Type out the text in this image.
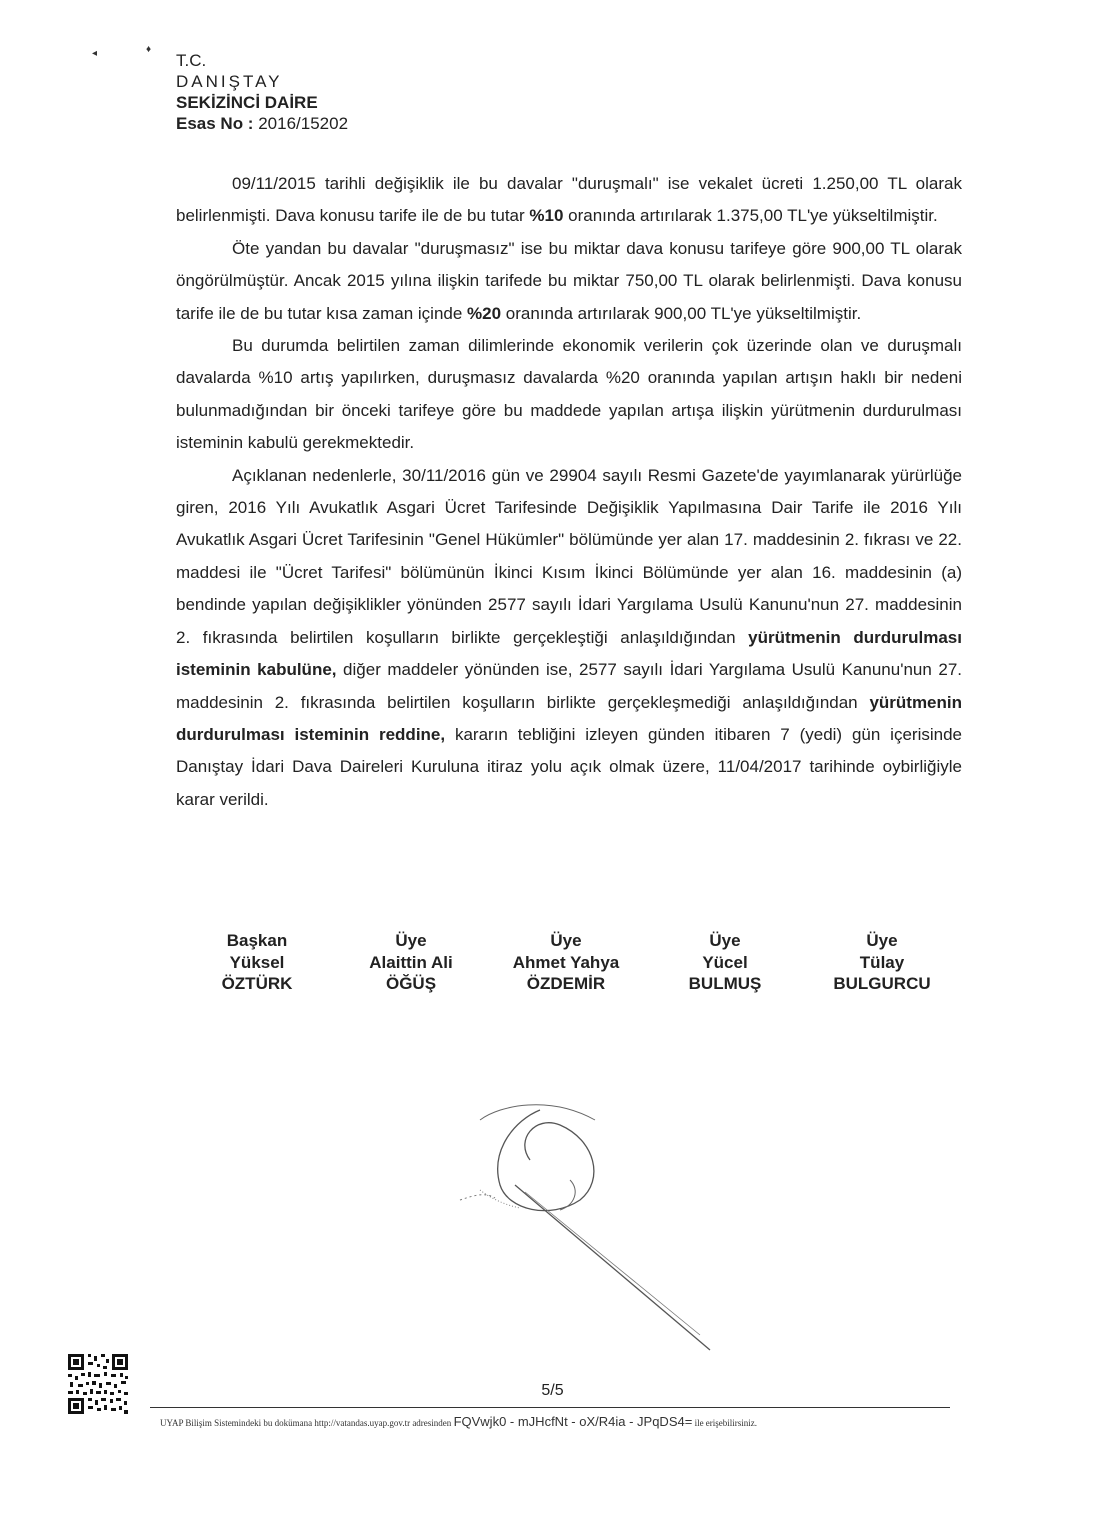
◂	♦
T.C.
DANIŞTAY
SEKİZİNCİ DAİRE
Esas No : 2016/15202

09/11/2015 tarihli değişiklik ile bu davalar "duruşmalı" ise vekalet ücreti 1.250,00 TL olarak belirlenmişti. Dava konusu tarife ile de bu tutar %10 oranında artırılarak 1.375,00 TL'ye yükseltilmiştir.

Öte yandan bu davalar "duruşmasız" ise bu miktar dava konusu tarifeye göre 900,00 TL olarak öngörülmüştür. Ancak 2015 yılına ilişkin tarifede bu miktar 750,00 TL olarak belirlenmişti. Dava konusu tarife ile de bu tutar kısa zaman içinde %20 oranında artırılarak 900,00 TL'ye yükseltilmiştir.

Bu durumda belirtilen zaman dilimlerinde ekonomik verilerin çok üzerinde olan ve duruşmalı davalarda %10 artış yapılırken, duruşmasız davalarda %20 oranında yapılan artışın haklı bir nedeni bulunmadığından bir önceki tarifeye göre bu maddede yapılan artışa ilişkin yürütmenin durdurulması isteminin kabulü gerekmektedir.

Açıklanan nedenlerle, 30/11/2016 gün ve 29904 sayılı Resmi Gazete'de yayımlanarak yürürlüğe giren, 2016 Yılı Avukatlık Asgari Ücret Tarifesinde Değişiklik Yapılmasına Dair Tarife ile 2016 Yılı Avukatlık Asgari Ücret Tarifesinin "Genel Hükümler" bölümünde yer alan 17. maddesinin 2. fıkrası ve 22. maddesi ile "Ücret Tarifesi" bölümünün İkinci Kısım İkinci Bölümünde yer alan 16. maddesinin (a) bendinde yapılan değişiklikler yönünden 2577 sayılı İdari Yargılama Usulü Kanunu'nun 27. maddesinin 2. fıkrasında belirtilen koşulların birlikte gerçekleştiği anlaşıldığından yürütmenin durdurulması isteminin kabulüne, diğer maddeler yönünden ise, 2577 sayılı İdari Yargılama Usulü Kanunu'nun 27. maddesinin 2. fıkrasında belirtilen koşulların birlikte gerçekleşmediği anlaşıldığından yürütmenin durdurulması isteminin reddine, kararın tebliğini izleyen günden itibaren 7 (yedi) gün içerisinde Danıştay İdari Dava Daireleri Kuruluna itiraz yolu açık olmak üzere, 11/04/2017 tarihinde oybirliğiyle karar verildi.

Başkan
Yüksel
ÖZTÜRK
Üye
Alaittin Ali
ÖĞÜŞ
Üye
Ahmet Yahya
ÖZDEMİR
Üye
Yücel
BULMUŞ
Üye
Tülay
BULGURCU
5/5
UYAP Bilişim Sistemindeki bu dokümana http://vatandas.uyap.gov.tr adresinden FQVwjk0 - mJHcfNt - oX/R4ia - JPqDS4= ile erişebilirsiniz.
